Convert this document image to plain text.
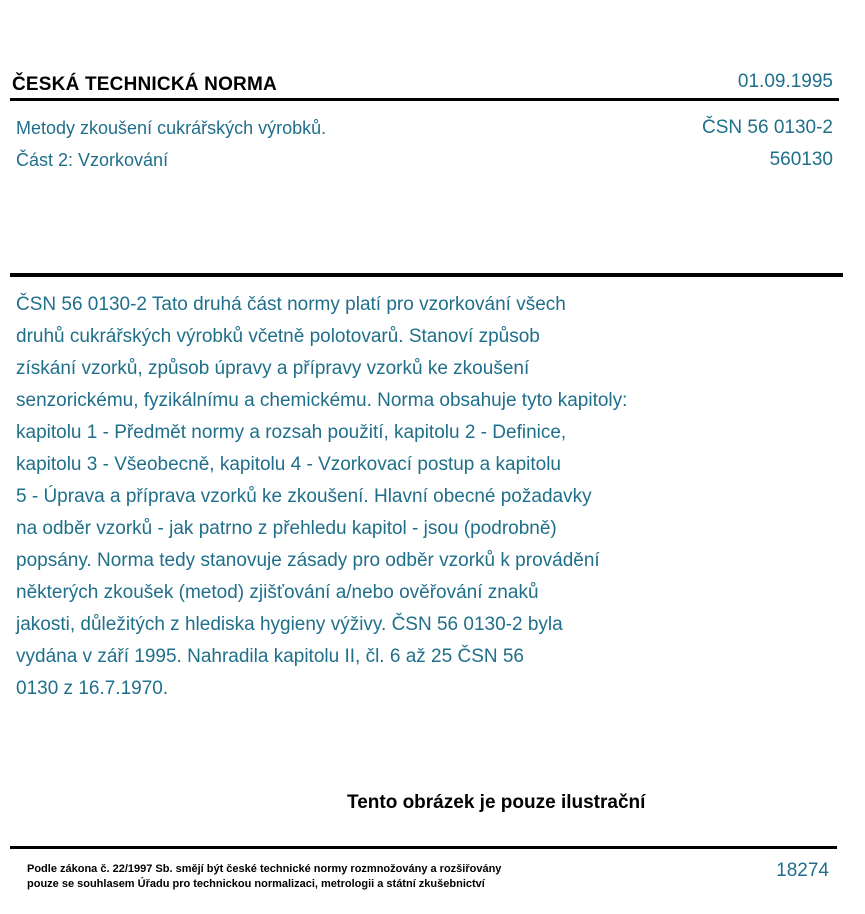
ČESKÁ TECHNICKÁ NORMA	01.09.1995
Metody zkoušení cukrářských výrobků.
Část 2: Vzorkování
ČSN 56 0130-2
560130
ČSN 56 0130-2 Tato druhá část normy platí pro vzorkování všech
druhů cukrářských výrobků včetně polotovarů. Stanoví způsob
získání vzorků, způsob úpravy a přípravy vzorků ke zkoušení
senzorickému, fyzikálnímu a chemickému. Norma obsahuje tyto kapitoly:
kapitolu 1 - Předmět normy a rozsah použití, kapitolu 2 - Definice,
kapitolu 3 - Všeobecně, kapitolu 4 - Vzorkovací postup a kapitolu
5 - Úprava a příprava vzorků ke zkoušení. Hlavní obecné požadavky
na odběr vzorků - jak patrno z přehledu kapitol - jsou (podrobně)
popsány. Norma tedy stanovuje zásady pro odběr vzorků k provádění
některých zkoušek (metod) zjišťování a/nebo ověřování znaků
jakosti, důležitých z hlediska hygieny výživy. ČSN 56 0130-2 byla
vydána v září 1995. Nahradila kapitolu II, čl. 6 až 25 ČSN 56
0130 z 16.7.1970.
Tento obrázek je pouze ilustrační
Podle zákona č. 22/1997 Sb. smějí být české technické normy rozmnožovány a rozšiřovány
pouze se souhlasem Úřadu pro technickou normalizaci, metrologii a státní zkušebnictví
18274
